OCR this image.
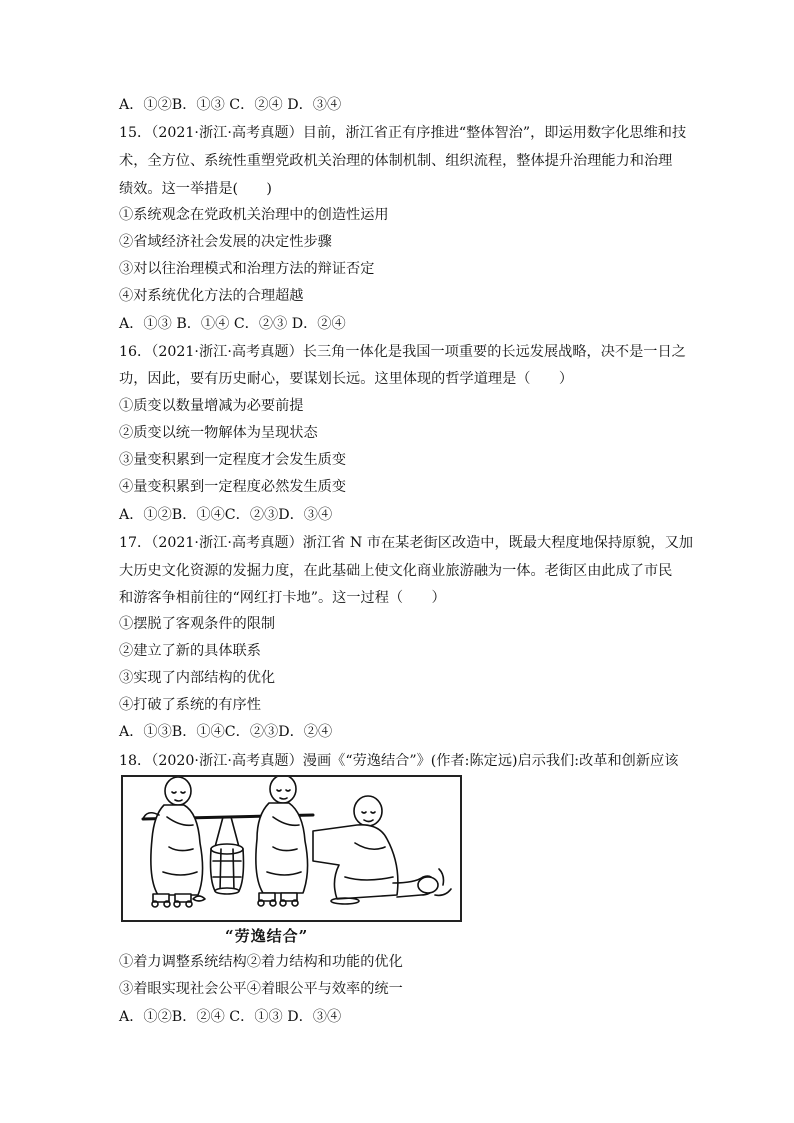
A．①②B．①③ C．②④ D．③④
15．（2021·浙江·高考真题）目前，浙江省正有序推进“整体智治”，即运用数字化思维和技
术，全方位、系统性重塑党政机关治理的体制机制、组织流程，整体提升治理能力和治理
绩效。这一举措是(　　)
①系统观念在党政机关治理中的创造性运用
②省域经济社会发展的决定性步骤
③对以往治理模式和治理方法的辩证否定
④对系统优化方法的合理超越
A．①③ B．①④ C．②③ D．②④
16．（2021·浙江·高考真题）长三角一体化是我国一项重要的长远发展战略，决不是一日之
功，因此，要有历史耐心，要谋划长远。这里体现的哲学道理是（　　）
①质变以数量增减为必要前提
②质变以统一物解体为呈现状态
③量变积累到一定程度才会发生质变
④量变积累到一定程度必然发生质变
A．①②B．①④C．②③D．③④
17．（2021·浙江·高考真题）浙江省 N 市在某老街区改造中，既最大程度地保持原貌，又加
大历史文化资源的发掘力度，在此基础上使文化商业旅游融为一体。老街区由此成了市民
和游客争相前往的“网红打卡地”。这一过程（　　）
①摆脱了客观条件的限制
②建立了新的具体联系
③实现了内部结构的优化
④打破了系统的有序性
A．①③B．①④C．②③D．②④
18．（2020·浙江·高考真题）漫画《“劳逸结合”》(作者:陈定远)启示我们:改革和创新应该
“劳逸结合”
①着力调整系统结构②着力结构和功能的优化
③着眼实现社会公平④着眼公平与效率的统一
A．①②B．②④ C．①③ D．③④
